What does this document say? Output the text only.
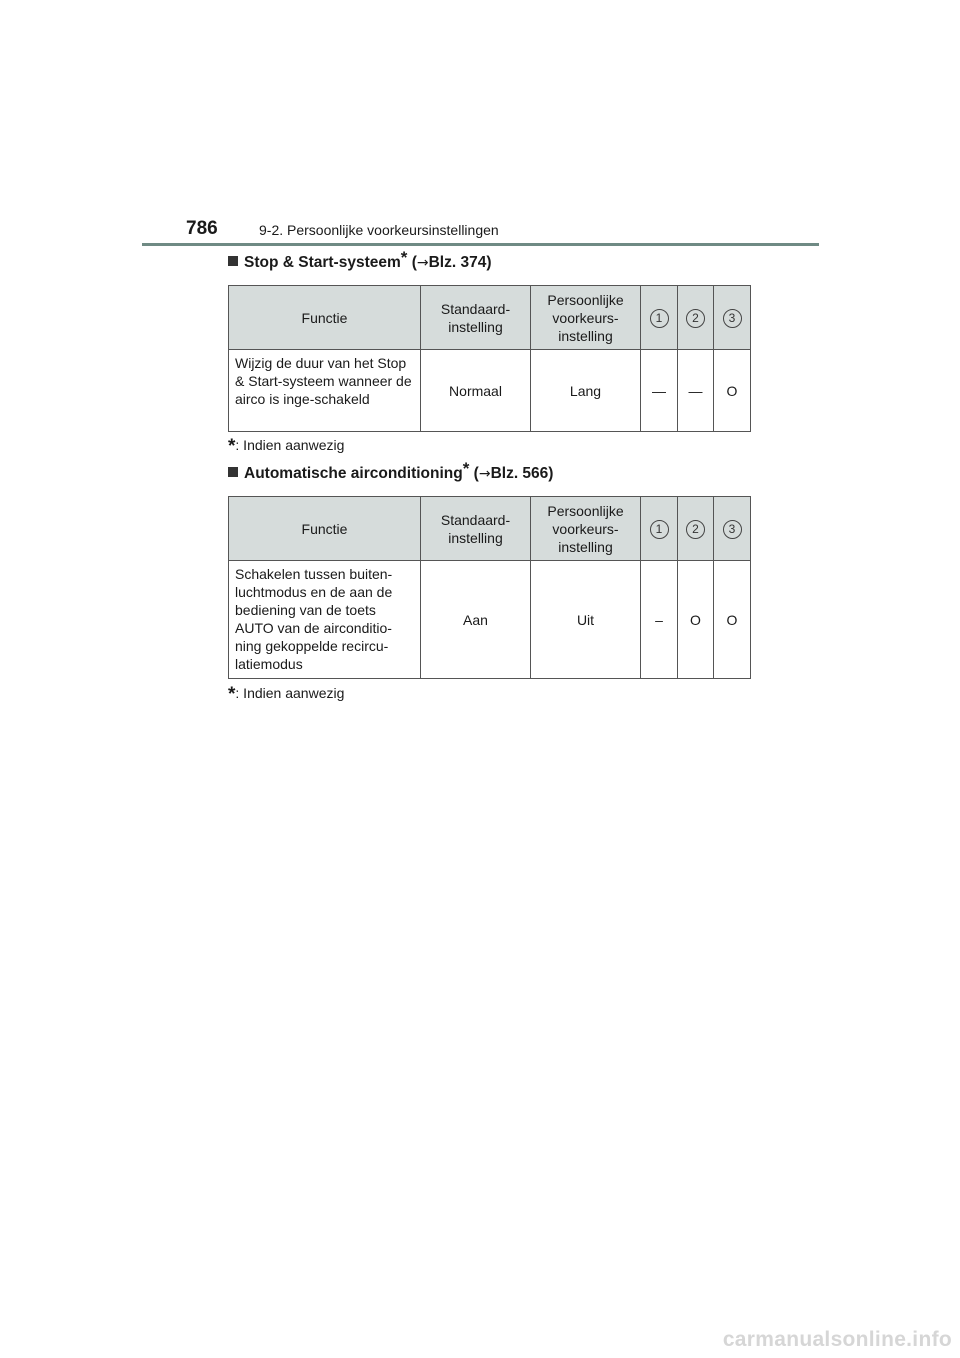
786	9-2. Persoonlijke voorkeursinstellingen
Stop & Start-systeem* (→Blz. 374)
Functie	Standaard-instelling	Persoonlijke voorkeurs-instelling	1	2	3
Wijzig de duur van het Stop & Start-systeem wanneer de airco is inge-schakeld	Normaal	Lang	—	—	O
*: Indien aanwezig
Automatische airconditioning* (→Blz. 566)
Functie	Standaard-instelling	Persoonlijke voorkeurs-instelling	1	2	3
Schakelen tussen buiten-luchtmodus en de aan de bediening van de toets AUTO van de airconditio-ning gekoppelde recircu-latiemodus	Aan	Uit	–	O	O
*: Indien aanwezig
carmanualsonline.info
